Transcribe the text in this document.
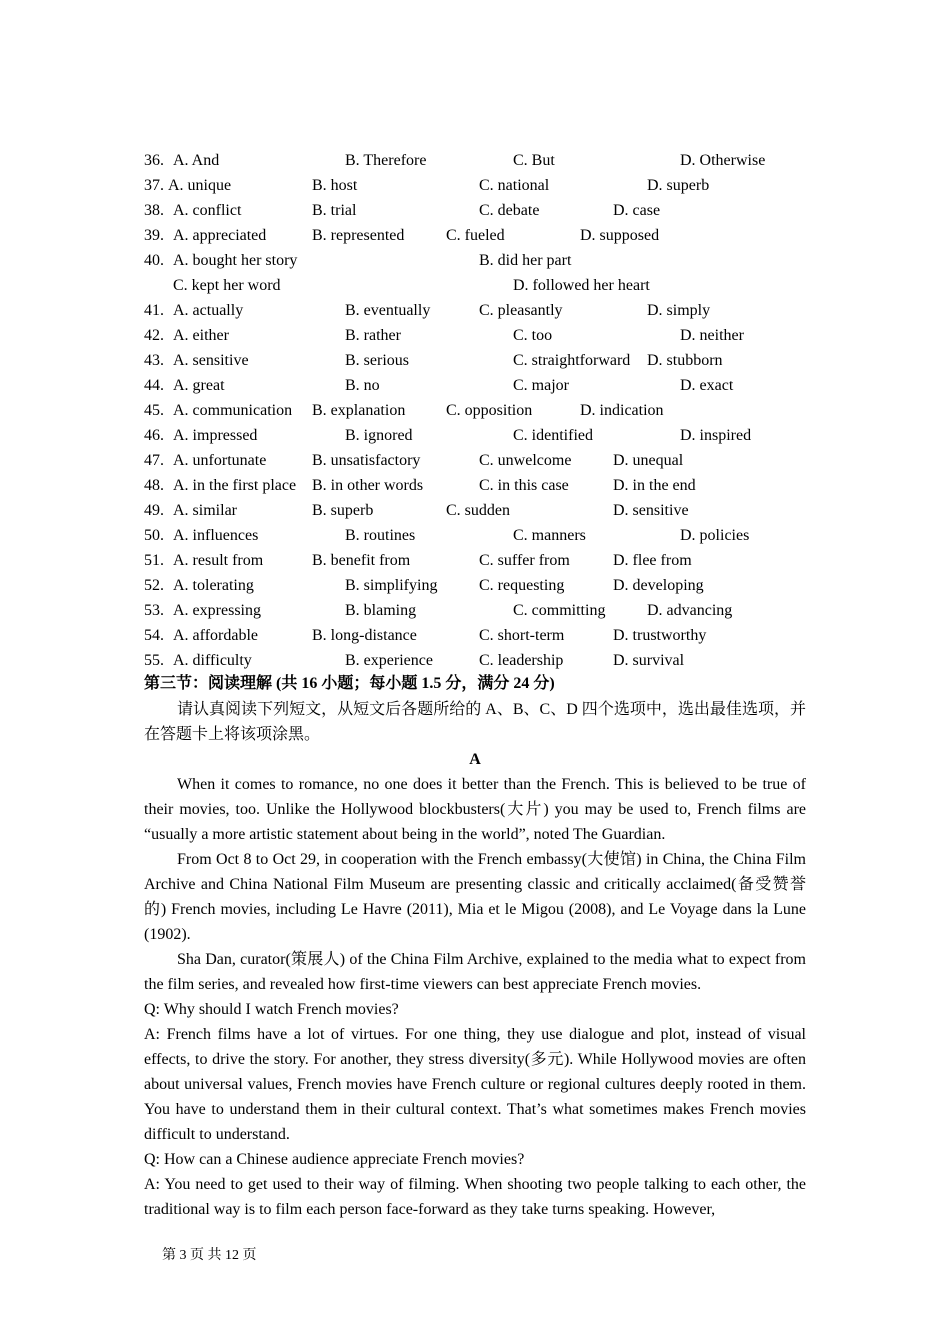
36. A. And	B. Therefore	C. But	D. Otherwise
37. A. unique	B. host	C. national	D. superb
38. A. conflict	B. trial	C. debate	D. case
39. A. appreciated	B. represented	C. fueled	D. supposed
40. A. bought her story	B. did her part
C. kept her word	D. followed her heart
41. A. actually	B. eventually	C. pleasantly	D. simply
42. A. either	B. rather	C. too	D. neither
43. A. sensitive	B. serious	C. straightforward D. stubborn
44. A. great	B. no	C. major	D. exact
45. A. communication B. explanation	C. opposition	D. indication
46. A. impressed	B. ignored	C. identified	D. inspired
47. A. unfortunate	B. unsatisfactory	C. unwelcome	D. unequal
48. A. in the first place B. in other words	C. in this case	D. in the end
49. A. similar	B. superb	C. sudden	D. sensitive
50. A. influences	B. routines	C. manners	D. policies
51. A. result from	B. benefit from	C. suffer from	D. flee from
52. A. tolerating	B. simplifying	C. requesting	D. developing
53. A. expressing	B. blaming	C. committing	D. advancing
54. A. affordable	B. long-distance	C. short-term	D. trustworthy
55. A. difficulty	B. experience	C. leadership	D. survival
第三节：阅读理解 (共 16 小题；每小题 1.5 分，满分 24 分)

请认真阅读下列短文，从短文后各题所给的 A、B、C、D 四个选项中，选出最佳选项，并在答题卡上将该项涂黑。

A

When it comes to romance, no one does it better than the French. This is believed to be true of their movies, too. Unlike the Hollywood blockbusters(大片) you may be used to, French films are “usually a more artistic statement about being in the world”, noted The Guardian.

From Oct 8 to Oct 29, in cooperation with the French embassy(大使馆) in China, the China Film Archive and China National Film Museum are presenting classic and critically acclaimed(备受赞誉的) French movies, including Le Havre (2011), Mia et le Migou (2008), and Le Voyage dans la Lune (1902).

Sha Dan, curator(策展人) of the China Film Archive, explained to the media what to expect from the film series, and revealed how first-time viewers can best appreciate French movies.

Q: Why should I watch French movies?

A: French films have a lot of virtues. For one thing, they use dialogue and plot, instead of visual effects, to drive the story. For another, they stress diversity(多元). While Hollywood movies are often about universal values, French movies have French culture or regional cultures deeply rooted in them. You have to understand them in their cultural context. That’s what sometimes makes French movies difficult to understand.

Q: How can a Chinese audience appreciate French movies?

A: You need to get used to their way of filming. When shooting two people talking to each other, the traditional way is to film each person face-forward as they take turns speaking. However,

第 3 页 共 12 页
